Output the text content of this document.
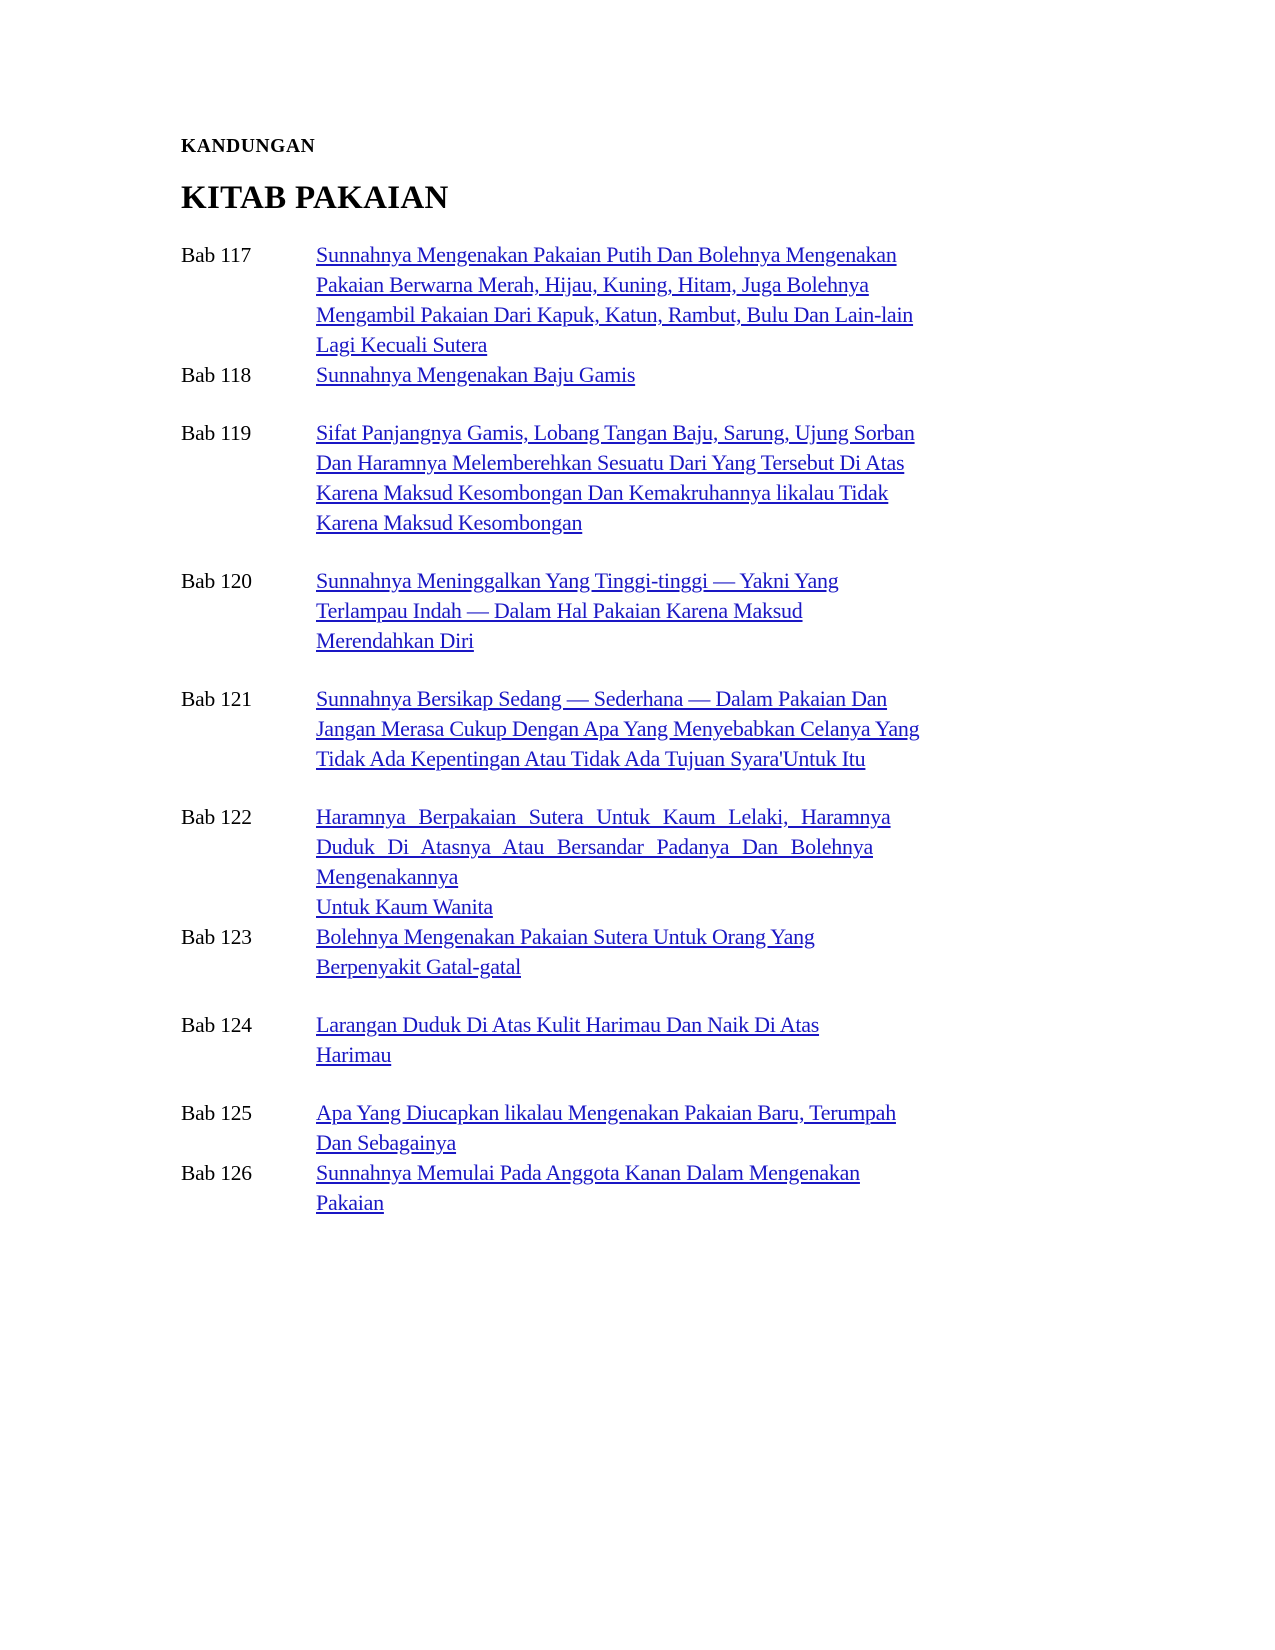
KANDUNGAN
KITAB PAKAIAN
Bab 117	Sunnahnya Mengenakan Pakaian Putih Dan Bolehnya Mengenakan
Pakaian Berwarna Merah, Hijau, Kuning, Hitam, Juga Bolehnya
Mengambil Pakaian Dari Kapuk, Katun, Rambut, Bulu Dan Lain-lain
Lagi Kecuali Sutera
Bab 118	Sunnahnya Mengenakan Baju Gamis
Bab 119	Sifat Panjangnya Gamis, Lobang Tangan Baju, Sarung, Ujung Sorban
Dan Haramnya Melemberehkan Sesuatu Dari Yang Tersebut Di Atas
Karena Maksud Kesombongan Dan Kemakruhannya likalau Tidak
Karena Maksud Kesombongan
Bab 120	Sunnahnya Meninggalkan Yang Tinggi-tinggi — Yakni Yang
Terlampau Indah — Dalam Hal Pakaian Karena Maksud
Merendahkan Diri
Bab 121	Sunnahnya Bersikap Sedang — Sederhana — Dalam Pakaian Dan
Jangan Merasa Cukup Dengan Apa Yang Menyebabkan Celanya Yang
Tidak Ada Kepentingan Atau Tidak Ada Tujuan Syara'Untuk Itu
Bab 122	Haramnya Berpakaian Sutera Untuk Kaum Lelaki, Haramnya
Duduk Di Atasnya Atau Bersandar Padanya Dan Bolehnya
Mengenakannya
Untuk Kaum Wanita
Bab 123	Bolehnya Mengenakan Pakaian Sutera Untuk Orang Yang
Berpenyakit Gatal-gatal
Bab 124	Larangan Duduk Di Atas Kulit Harimau Dan Naik Di Atas
Harimau
Bab 125	Apa Yang Diucapkan likalau Mengenakan Pakaian Baru, Terumpah
Dan Sebagainya
Bab 126	Sunnahnya Memulai Pada Anggota Kanan Dalam Mengenakan
Pakaian
